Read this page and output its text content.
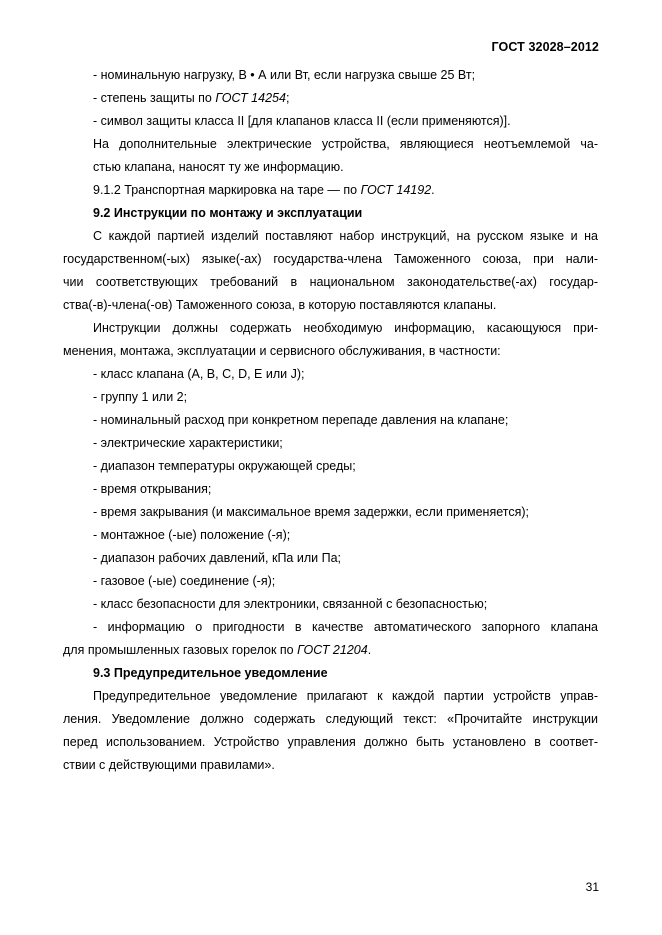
ГОСТ 32028–2012
- номинальную нагрузку, В • А или Вт, если нагрузка свыше 25 Вт;
- степень защиты по ГОСТ 14254;
- символ защиты класса II [для клапанов класса II (если применяются)].
На дополнительные электрические устройства, являющиеся неотъемлемой ча-
стью клапана, наносят ту же информацию.
9.1.2 Транспортная маркировка на таре — по ГОСТ 14192.
9.2 Инструкции по монтажу и эксплуатации
С каждой партией изделий поставляют набор инструкций, на русском языке и на
государственном(-ых) языке(-ах) государства-члена Таможенного союза, при нали-
чии соответствующих требований в национальном законодательстве(-ах) государ-
ства(-в)-члена(-ов) Таможенного союза, в которую поставляются клапаны.
Инструкции должны содержать необходимую информацию, касающуюся при-
менения, монтажа, эксплуатации и сервисного обслуживания, в частности:
- класс клапана (A, B, C, D, E или J);
- группу 1 или 2;
- номинальный расход при конкретном перепаде давления на клапане;
- электрические характеристики;
- диапазон температуры окружающей среды;
- время открывания;
- время закрывания (и максимальное время задержки, если применяется);
- монтажное (-ые) положение (-я);
- диапазон рабочих давлений, кПа или Па;
- газовое (-ые) соединение (-я);
- класс безопасности для электроники, связанной с безопасностью;
- информацию о пригодности в качестве автоматического запорного клапана
для промышленных газовых горелок по ГОСТ 21204.
9.3 Предупредительное уведомление
Предупредительное уведомление прилагают к каждой партии устройств управ-
ления. Уведомление должно содержать следующий текст: «Прочитайте инструкции
перед использованием. Устройство управления должно быть установлено в соответ-
ствии с действующими правилами».
31
